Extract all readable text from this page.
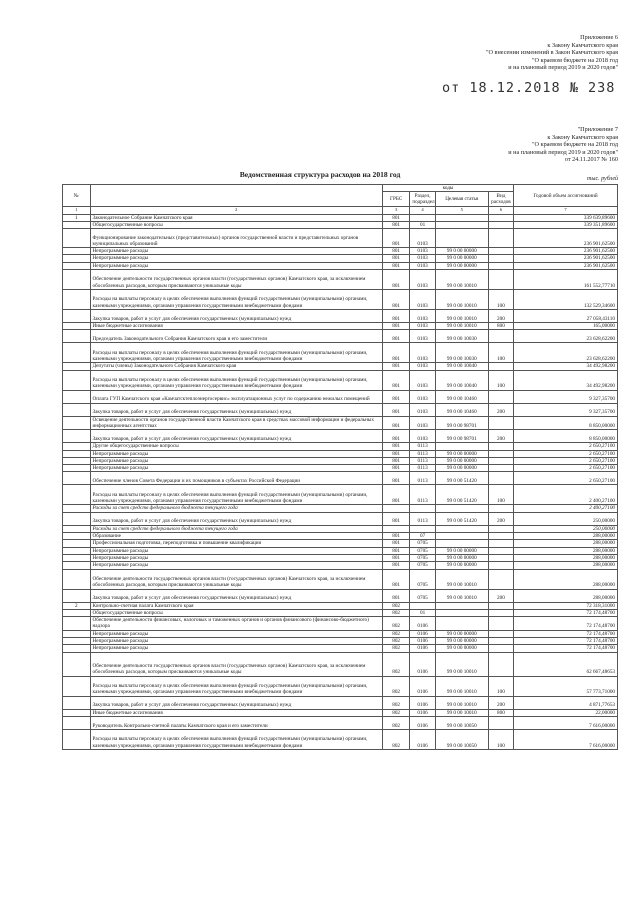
Приложение 6
к Закону Камчатского края
"О внесении изменений в Закон Камчатского края
"О краевом бюджете на 2018 год
и на плановый период 2019 и 2020 годов"
от 18.12.2018 № 238
"Приложение 7
к Закону Камчатского края
"О краевом бюджете на 2018 год
и на плановый период 2019 и 2020 годов"
от 24.11.2017 № 160
Ведомственная структура расходов на 2018 год	тыс. рублей
№		коды				Годовой объем ассигнований
		ГРБС	Раздел, подраздел	Целевая статья	Вид расходов	
1	2	3	4	5	6	7
1	Законодательное Собрание Камчатского края	801				339 639,89600
	Общегосударственные вопросы	801	01			339 351,89600
	Функционирование законодательных (представительных) органов государственной власти и представительных органов муниципальных образований	801	0103			236 901,62500
	Непрограммные расходы	801	0103	99 0 00 00000		236 901,62500
	Непрограммные расходы	801	0103	99 0 00 00000		236 901,62500
	Непрограммные расходы	801	0103	99 0 00 00000		236 901,62500
	Обеспечение деятельности государственных органов власти (государственных органов) Камчатского края, за исключением обособленных расходов, которым присваиваются уникальные коды	801	0103	99 0 00 10010		161 552,77710
	Расходы на выплаты персоналу в целях обеспечения выполнения функций государственными (муниципальными) органами, казенными учреждениями, органами управления государственными внебюджетными фондами	801	0103	99 0 00 10010	100	132 529,34600
	Закупка товаров, работ и услуг для обеспечения государственных (муниципальных) нужд	801	0103	99 0 00 10010	200	27 058,43110
	Иные бюджетные ассигнования	801	0103	99 0 00 10010	800	165,00000
	Председатель Законодательного Собрания Камчатского края и его заместители	801	0103	99 0 00 10030		23 628,62200
	Расходы на выплаты персоналу в целях обеспечения выполнения функций государственными (муниципальными) органами, казенными учреждениями, органами управления государственными внебюджетными фондами	801	0103	99 0 00 10030	100	23 628,62200
	Депутаты (члены) Законодательного Собрания Камчатского края	801	0103	99 0 00 10040		34 492,98200
	Расходы на выплаты персоналу в целях обеспечения выполнения функций государственными (муниципальными) органами, казенными учреждениями, органами управления государственными внебюджетными фондами	801	0103	99 0 00 10040	100	34 492,98200
	Оплата ГУП Камчатского края «Камчатсктеплоэнергосервис» эксплуатационных услуг по содержанию нежилых помещений	801	0103	99 0 00 10460		9 327,35700
	Закупка товаров, работ и услуг для обеспечения государственных (муниципальных) нужд	801	0103	99 0 00 10460	200	9 327,35700
	Освещение деятельности органов государственной власти Камчатского края в средствах массовой информации и федеральных информационных агентствах	801	0103	99 0 00 98701		8 850,00000
	Закупка товаров, работ и услуг для обеспечения государственных (муниципальных) нужд	801	0103	99 0 00 98701	200	8 850,00000
	Другие общегосударственные вопросы	801	0113			2 650,27100
	Непрограммные расходы	801	0113	99 0 00 00000		2 650,27100
	Непрограммные расходы	801	0113	99 0 00 00000		2 650,27100
	Непрограммные расходы	801	0113	99 0 00 00000		2 650,27100
	Обеспечение членов Совета Федерации и их помощников в субъектах Российской Федерации	801	0113	99 0 00 51420		2 650,27100
	Расходы на выплаты персоналу в целях обеспечения выполнения функций государственными (муниципальными) органами, казенными учреждениями, органами управления государственными внебюджетными фондами	801	0113	99 0 00 51420	100	2 400,27100
	Расходы за счет средств федерального бюджета текущего года					2 400,27100
	Закупка товаров, работ и услуг для обеспечения государственных (муниципальных) нужд	801	0113	99 0 00 51420	200	250,00000
	Расходы за счет средств федерального бюджета текущего года					250,00000
	Образование	801	07			288,00000
	Профессиональная подготовка, переподготовка и повышение квалификации	801	0705			288,00000
	Непрограммные расходы	801	0705	99 0 00 00000		288,00000
	Непрограммные расходы	801	0705	99 0 00 00000		288,00000
	Непрограммные расходы	801	0705	99 0 00 00000		288,00000
	Обеспечение деятельности государственных органов власти (государственных органов) Камчатского края, за исключением обособленных расходов, которым присваиваются уникальные коды	801	0705	99 0 00 10010		288,00000
	Закупка товаров, работ и услуг для обеспечения государственных (муниципальных) нужд	801	0705	99 0 00 10010	200	288,00000
2	Контрольно-счетная палата Камчатского края	802				72 318,31000
	Общегосударственные вопросы	802	01			72 174,48700
	Обеспечение деятельности финансовых, налоговых и таможенных органов и органов финансового (финансово-бюджетного) надзора	802	0106			72 174,48700
	Непрограммные расходы	802	0106	99 0 00 00000		72 174,48700
	Непрограммные расходы	802	0106	99 0 00 00000		72 174,48700
	Непрограммные расходы	802	0106	99 0 00 00000		72 174,48700
	Обеспечение деятельности государственных органов власти (государственных органов) Камчатского края, за исключением обособленных расходов, которым присваиваются уникальные коды	802	0106	99 0 00 10010		62 667,48653
	Расходы на выплаты персоналу в целях обеспечения выполнения функций государственными (муниципальными) органами, казенными учреждениями, органами управления государственными внебюджетными фондами	802	0106	99 0 00 10010	100	57 773,71000
	Закупка товаров, работ и услуг для обеспечения государственных (муниципальных) нужд	802	0106	99 0 00 10010	200	4 871,77653
	Иные бюджетные ассигнования	802	0106	99 0 00 10010	800	22,00000
	Руководитель Контрольно-счетной палаты Камчатского края и его заместители	802	0106	99 0 00 10050		7 616,00000
	Расходы на выплаты персоналу в целях обеспечения выполнения функций государственными (муниципальными) органами, казенными учреждениями, органами управления государственными внебюджетными фондами	802	0106	99 0 00 10050	100	7 616,00000
